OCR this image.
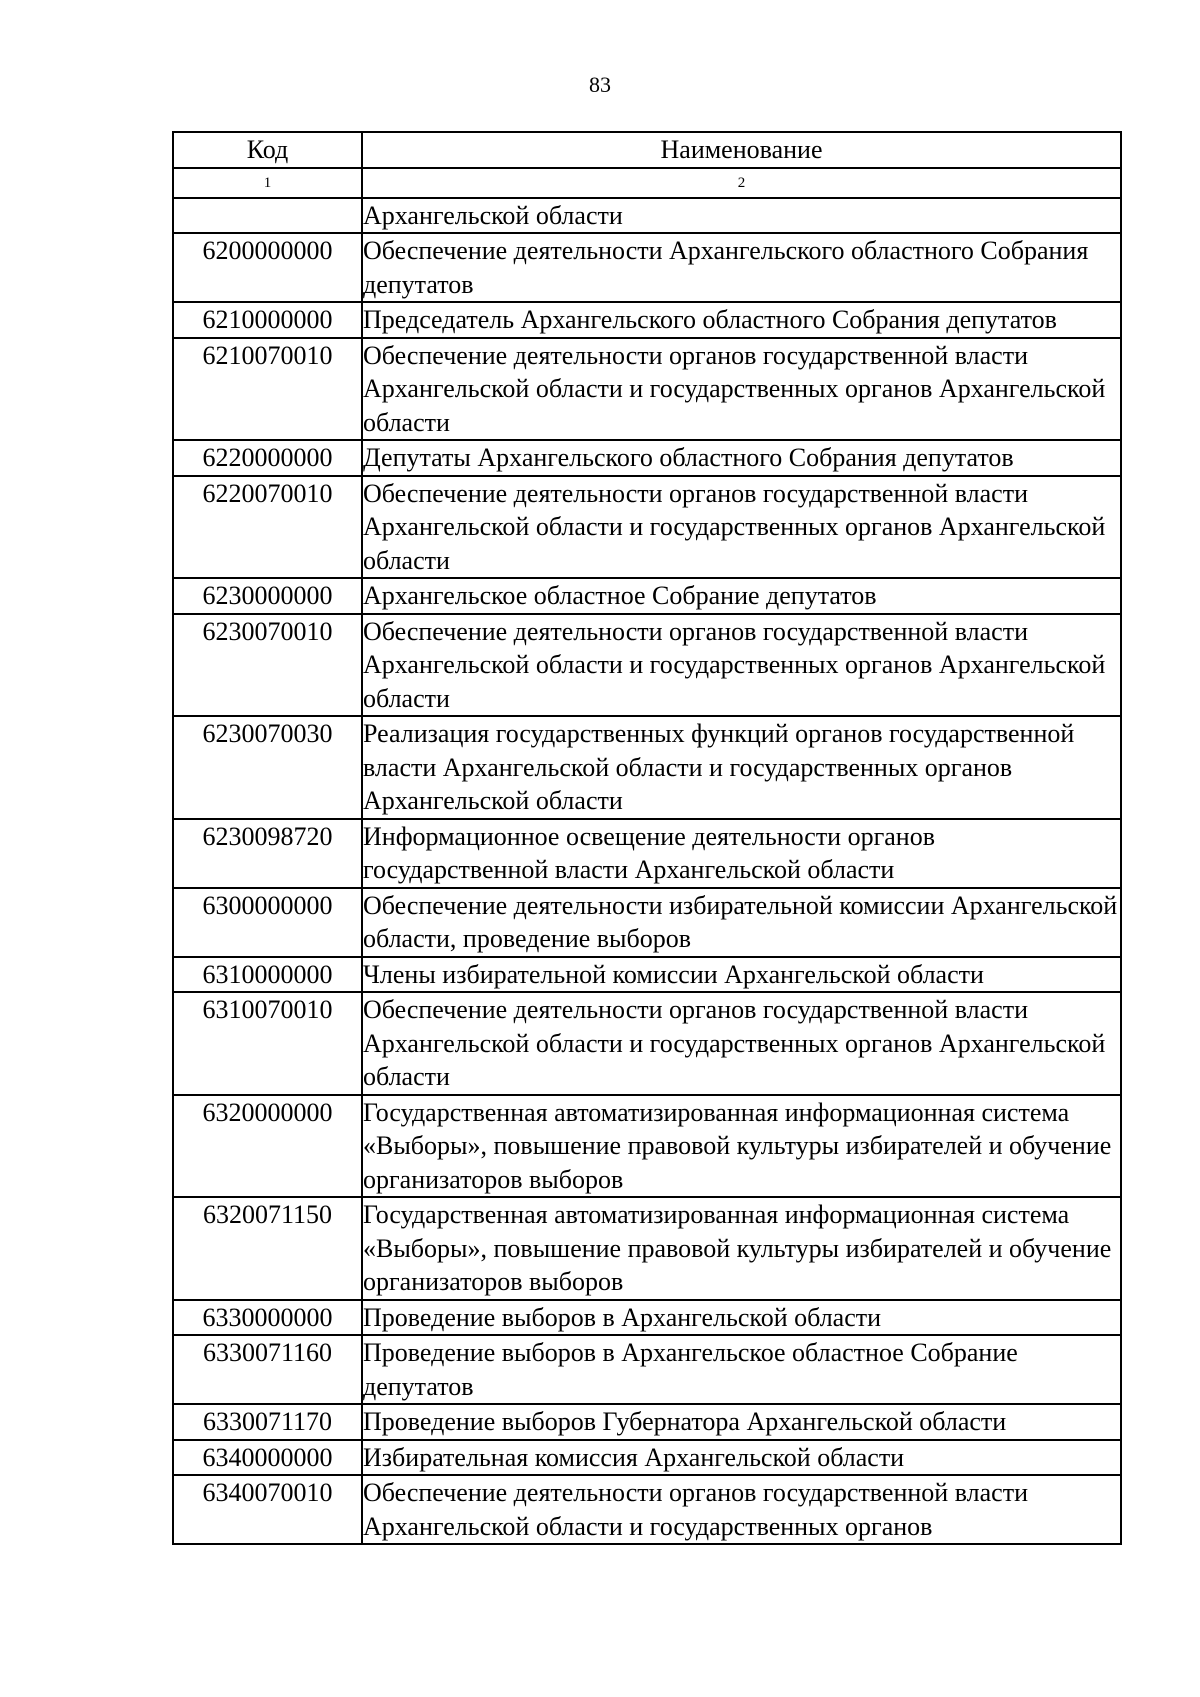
83
Код	Наименование
1	2
	Архангельской области
6200000000	Обеспечение деятельности Архангельского областного Собрания депутатов
6210000000	Председатель Архангельского областного Собрания депутатов
6210070010	Обеспечение деятельности органов государственной власти Архангельской области и государственных органов Архангельской области
6220000000	Депутаты Архангельского областного Собрания депутатов
6220070010	Обеспечение деятельности органов государственной власти Архангельской области и государственных органов Архангельской области
6230000000	Архангельское областное Собрание депутатов
6230070010	Обеспечение деятельности органов государственной власти Архангельской области и государственных органов Архангельской области
6230070030	Реализация государственных функций органов государственной власти Архангельской области и государственных органов Архангельской области
6230098720	Информационное освещение деятельности органов государственной власти Архангельской области
6300000000	Обеспечение деятельности избирательной комиссии Архангельской области, проведение выборов
6310000000	Члены избирательной комиссии Архангельской области
6310070010	Обеспечение деятельности органов государственной власти Архангельской области и государственных органов Архангельской области
6320000000	Государственная автоматизированная информационная система «Выборы», повышение правовой культуры избирателей и обучение организаторов выборов
6320071150	Государственная автоматизированная информационная система «Выборы», повышение правовой культуры избирателей и обучение организаторов выборов
6330000000	Проведение выборов в Архангельской области
6330071160	Проведение выборов в Архангельское областное Собрание депутатов
6330071170	Проведение выборов Губернатора Архангельской области
6340000000	Избирательная комиссия Архангельской области
6340070010	Обеспечение деятельности органов государственной власти Архангельской области и государственных органов
